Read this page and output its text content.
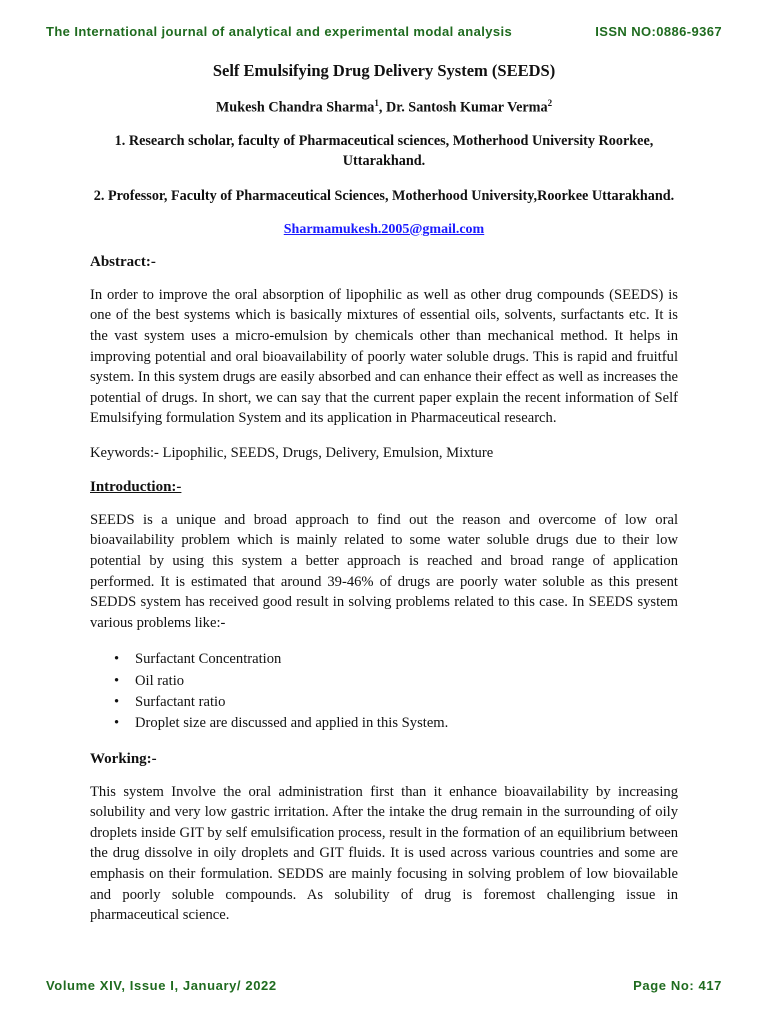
The International journal of analytical and experimental modal analysis	ISSN NO:0886-9367
Self Emulsifying Drug Delivery System (SEEDS)
Mukesh Chandra Sharma$^1$, Dr. Santosh Kumar Verma$^2$
1. Research scholar, faculty of Pharmaceutical sciences, Motherhood University Roorkee, Uttarakhand.
2. Professor, Faculty of Pharmaceutical Sciences, Motherhood University,Roorkee Uttarakhand.
Sharmamukesh.2005@gmail.com
Abstract:-

In order to improve the oral absorption of lipophilic as well as other drug compounds (SEEDS) is one of the best systems which is basically mixtures of essential oils, solvents, surfactants etc. It is the vast system uses a micro-emulsion by chemicals other than mechanical method. It helps in improving potential and oral bioavailability of poorly water soluble drugs. This is rapid and fruitful system. In this system drugs are easily absorbed and can enhance their effect as well as increases the potential of drugs. In short, we can say that the current paper explain the recent information of Self Emulsifying formulation System and its application in Pharmaceutical research.

Keywords:- Lipophilic, SEEDS, Drugs, Delivery, Emulsion, Mixture

Introduction:-

SEEDS is a unique and broad approach to find out the reason and overcome of low oral bioavailability problem which is mainly related to some water soluble drugs due to their low potential by using this system a better approach is reached and broad range of application performed. It is estimated that around 39-46% of drugs are poorly water soluble as this present SEDDS system has received good result in solving problems related to this case. In SEEDS system various problems like:-

• Surfactant Concentration
• Oil ratio
• Surfactant ratio
• Droplet size are discussed and applied in this System.
Working:-

This system Involve the oral administration first than it enhance bioavailability by increasing solubility and very low gastric irritation. After the intake the drug remain in the surrounding of oily droplets inside GIT by self emulsification process, result in the formation of an equilibrium between the drug dissolve in oily droplets and GIT fluids. It is used across various countries and some are emphasis on their formulation. SEDDS are mainly focusing in solving problem of low biovailable and poorly soluble compounds. As solubility of drug is foremost challenging issue in pharmaceutical science.

Volume XIV, Issue I, January/ 2022	Page No: 417
